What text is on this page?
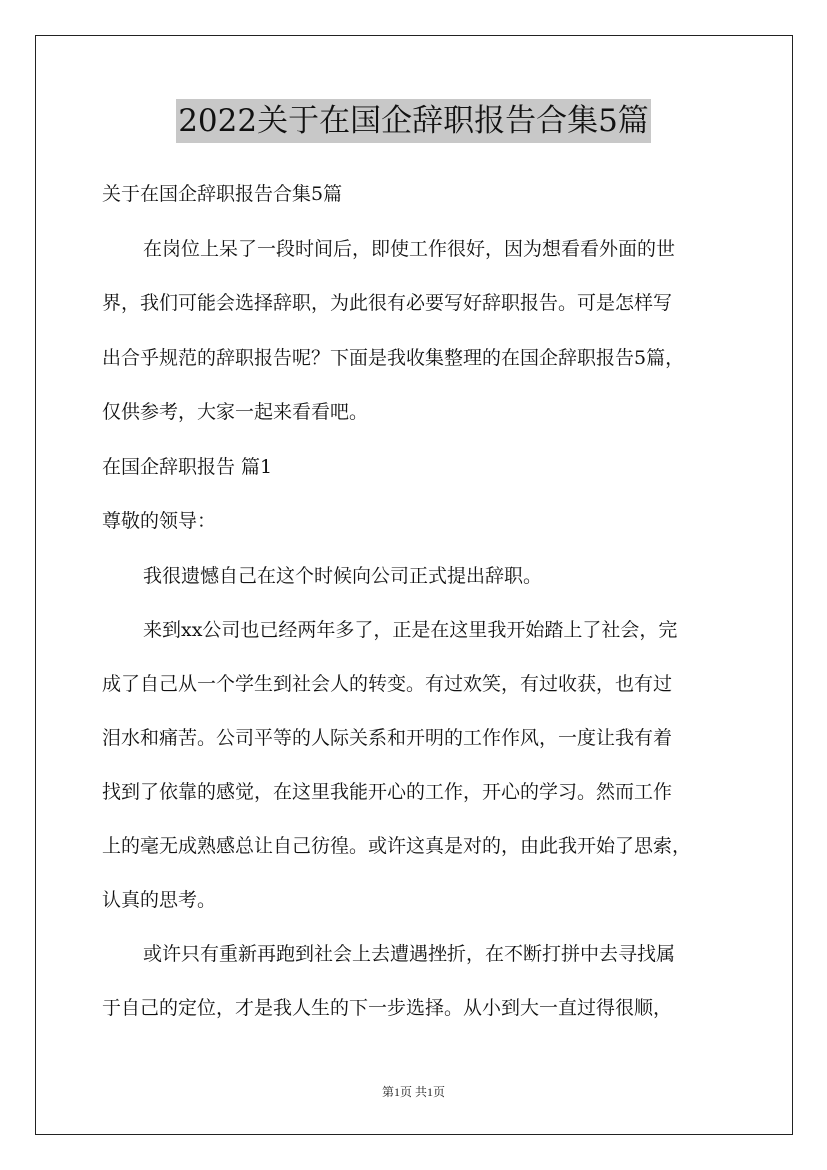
2022关于在国企辞职报告合集5篇
关于在国企辞职报告合集5篇
在岗位上呆了一段时间后，即使工作很好，因为想看看外面的世
界，我们可能会选择辞职，为此很有必要写好辞职报告。可是怎样写
出合乎规范的辞职报告呢？下面是我收集整理的在国企辞职报告5篇，
仅供参考，大家一起来看看吧。
在国企辞职报告 篇1
尊敬的领导：
我很遗憾自己在这个时候向公司正式提出辞职。
来到xx公司也已经两年多了，正是在这里我开始踏上了社会，完
成了自己从一个学生到社会人的转变。有过欢笑，有过收获，也有过
泪水和痛苦。公司平等的人际关系和开明的工作作风，一度让我有着
找到了依靠的感觉，在这里我能开心的工作，开心的学习。然而工作
上的毫无成熟感总让自己彷徨。或许这真是对的，由此我开始了思索，
认真的思考。
或许只有重新再跑到社会上去遭遇挫折，在不断打拼中去寻找属
于自己的定位，才是我人生的下一步选择。从小到大一直过得很顺，
第1页 共1页
